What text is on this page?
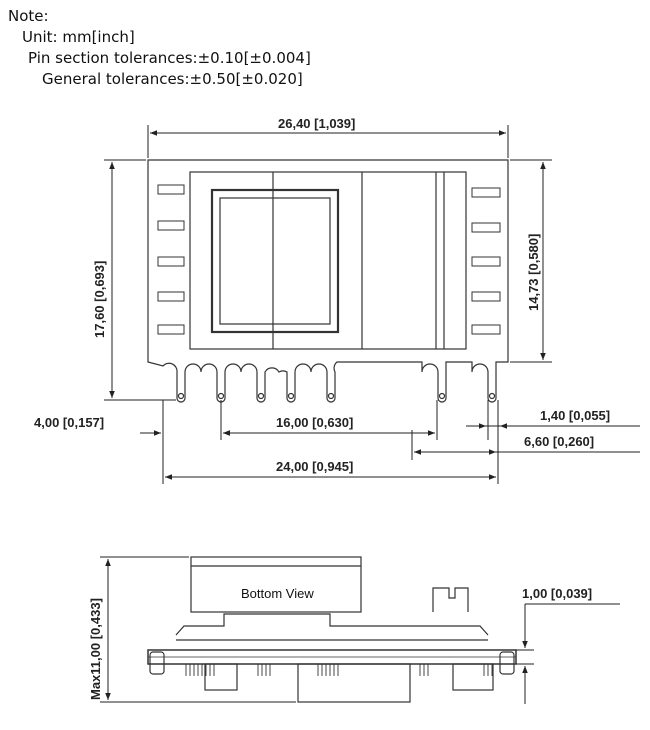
Note:
Unit: mm[inch]
Pin section tolerances:±0.10[±0.004]
General tolerances:±0.50[±0.020]
26,40 [1,039]
17,60 [0,693]	14,73 [0,580]
4,00 [0,157]	16,00 [0,630]	1,40 [0,055]
6,60 [0,260]
24,00 [0,945]
Bottom View
Max11,00 [0,433]
1,00 [0,039]
